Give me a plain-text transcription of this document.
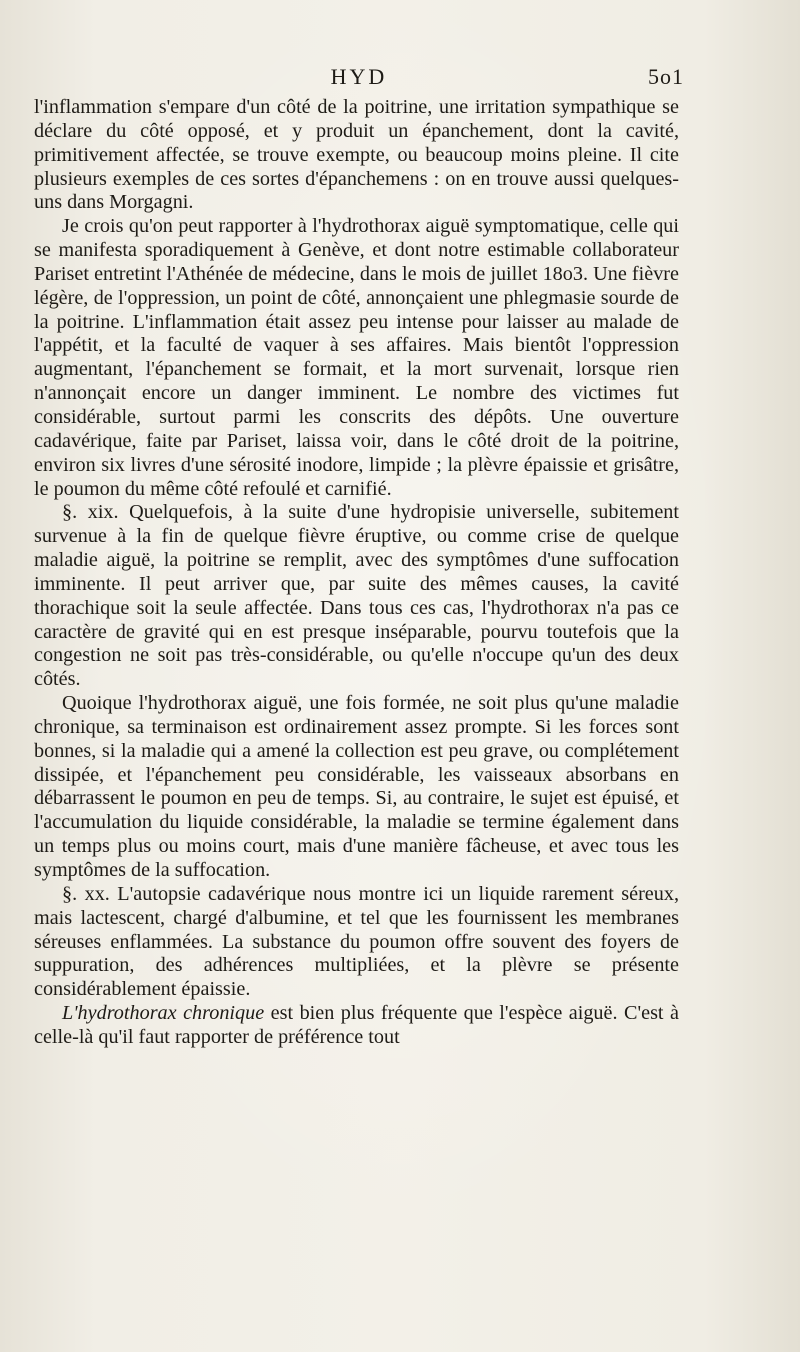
HYD	5o1

l'inflammation s'empare d'un côté de la poitrine, une irritation sympathique se déclare du côté opposé, et y produit un épanchement, dont la cavité, primitivement affectée, se trouve exempte, ou beaucoup moins pleine. Il cite plusieurs exemples de ces sortes d'épanchemens : on en trouve aussi quelques-uns dans Morgagni.

Je crois qu'on peut rapporter à l'hydrothorax aiguë symptomatique, celle qui se manifesta sporadiquement à Genève, et dont notre estimable collaborateur Pariset entretint l'Athénée de médecine, dans le mois de juillet 18o3. Une fièvre légère, de l'oppression, un point de côté, annonçaient une phlegmasie sourde de la poitrine. L'inflammation était assez peu intense pour laisser au malade de l'appétit, et la faculté de vaquer à ses affaires. Mais bientôt l'oppression augmentant, l'épanchement se formait, et la mort survenait, lorsque rien n'annonçait encore un danger imminent. Le nombre des victimes fut considérable, surtout parmi les conscrits des dépôts. Une ouverture cadavérique, faite par Pariset, laissa voir, dans le côté droit de la poitrine, environ six livres d'une sérosité inodore, limpide ; la plèvre épaissie et grisâtre, le poumon du même côté refoulé et carnifié.

§. xix. Quelquefois, à la suite d'une hydropisie universelle, subitement survenue à la fin de quelque fièvre éruptive, ou comme crise de quelque maladie aiguë, la poitrine se remplit, avec des symptômes d'une suffocation imminente. Il peut arriver que, par suite des mêmes causes, la cavité thorachique soit la seule affectée. Dans tous ces cas, l'hydrothorax n'a pas ce caractère de gravité qui en est presque inséparable, pourvu toutefois que la congestion ne soit pas très-considérable, ou qu'elle n'occupe qu'un des deux côtés.

Quoique l'hydrothorax aiguë, une fois formée, ne soit plus qu'une maladie chronique, sa terminaison est ordinairement assez prompte. Si les forces sont bonnes, si la maladie qui a amené la collection est peu grave, ou complétement dissipée, et l'épanchement peu considérable, les vaisseaux absorbans en débarrassent le poumon en peu de temps. Si, au contraire, le sujet est épuisé, et l'accumulation du liquide considérable, la maladie se termine également dans un temps plus ou moins court, mais d'une manière fâcheuse, et avec tous les symptômes de la suffocation.

§. xx. L'autopsie cadavérique nous montre ici un liquide rarement séreux, mais lactescent, chargé d'albumine, et tel que les fournissent les membranes séreuses enflammées. La substance du poumon offre souvent des foyers de suppuration, des adhérences multipliées, et la plèvre se présente considérablement épaissie.

L'hydrothorax chronique est bien plus fréquente que l'espèce aiguë. C'est à celle-là qu'il faut rapporter de préférence tout
